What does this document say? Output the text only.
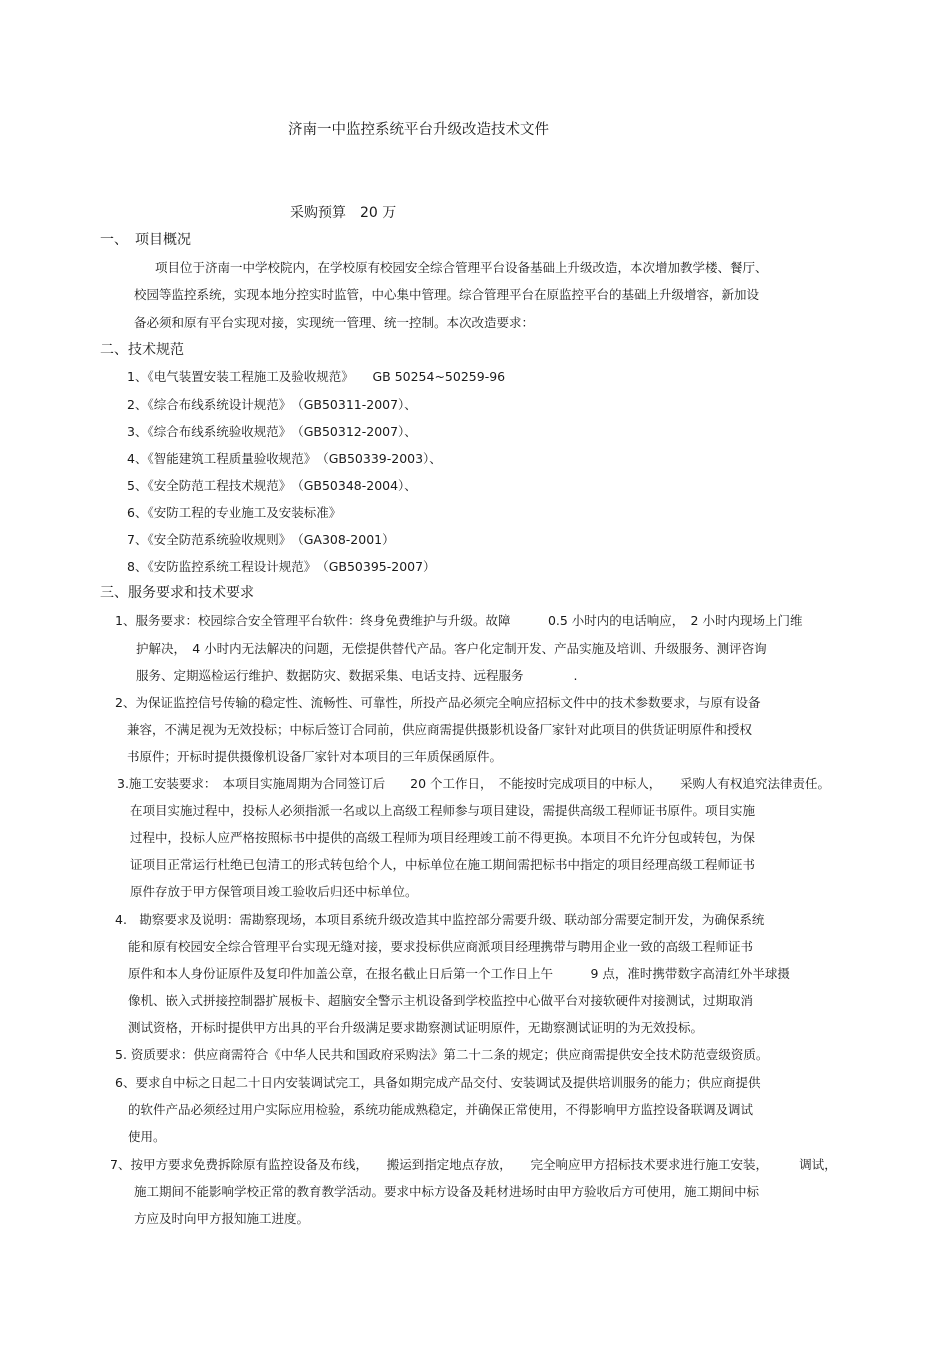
济南一中监控系统平台升级改造技术文件

采购预算　20 万

一、　项目概况

项目位于济南一中学校院内，在学校原有校园安全综合管理平台设备基础上升级改造，本次增加教学楼、餐厅、

校园等监控系统，实现本地分控实时监管，中心集中管理。综合管理平台在原监控平台的基础上升级增容，新加设

备必须和原有平台实现对接，实现统一管理、统一控制。本次改造要求：

二、技术规范

1、《电气装置安装工程施工及验收规范》　　GB 50254~50259-96

2、《综合布线系统设计规范》　（GB50311-2007）、

3、《综合布线系统验收规范》　（GB50312-2007）、

4、《智能建筑工程质量验收规范》　（GB50339-2003）、

5、《安全防范工程技术规范》　（GB50348-2004）、

6、《安防工程的专业施工及安装标准》

7、《安全防范系统验收规则》　（GA308-2001）

8、《安防监控系统工程设计规范》　（GB50395-2007）

三、服务要求和技术要求

1、服务要求：校园综合安全管理平台软件：终身免费维护与升级。故障　　　0.5 小时内的电话响应，　2 小时内现场上门维

护解决，　4 小时内无法解决的问题，无偿提供替代产品。客户化定制开发、产品实施及培训、升级服务、测评咨询

服务、定期巡检运行维护、数据防灾、数据采集、电话支持、远程服务　　　　.

2、为保证监控信号传输的稳定性、流畅性、可靠性，所投产品必须完全响应招标文件中的技术参数要求，与原有设备

兼容，不满足视为无效投标；中标后签订合同前，供应商需提供摄影机设备厂家针对此项目的供货证明原件和授权

书原件；开标时提供摄像机设备厂家针对本项目的三年质保函原件。

3.施工安装要求：　本项目实施周期为合同签订后　　20 个工作日，　不能按时完成项目的中标人，　　采购人有权追究法律责任。

在项目实施过程中，投标人必须指派一名或以上高级工程师参与项目建设，需提供高级工程师证书原件。项目实施

过程中，投标人应严格按照标书中提供的高级工程师为项目经理竣工前不得更换。本项目不允许分包或转包，为保

证项目正常运行杜绝已包清工的形式转包给个人，中标单位在施工期间需把标书中指定的项目经理高级工程师证书

原件存放于甲方保管项目竣工验收后归还中标单位。

4.　勘察要求及说明：需勘察现场，本项目系统升级改造其中监控部分需要升级、联动部分需要定制开发，为确保系统

能和原有校园安全综合管理平台实现无缝对接，要求投标供应商派项目经理携带与聘用企业一致的高级工程师证书

原件和本人身份证原件及复印件加盖公章，在报名截止日后第一个工作日上午　　　9 点，准时携带数字高清红外半球摄

像机、嵌入式拼接控制器扩展板卡、超脑安全警示主机设备到学校监控中心做平台对接软硬件对接测试，过期取消

测试资格，开标时提供甲方出具的平台升级满足要求勘察测试证明原件，无勘察测试证明的为无效投标。

5. 资质要求：供应商需符合《中华人民共和国政府采购法》第二十二条的规定；供应商需提供安全技术防范壹级资质。

6、要求自中标之日起二十日内安装调试完工，具备如期完成产品交付、安装调试及提供培训服务的能力；供应商提供

的软件产品必须经过用户实际应用检验，系统功能成熟稳定，并确保正常使用，不得影响甲方监控设备联调及调试

使用。

7、按甲方要求免费拆除原有监控设备及布线，　　搬运到指定地点存放，　　完全响应甲方招标技术要求进行施工安装，　　　调试，

施工期间不能影响学校正常的教育教学活动。要求中标方设备及耗材进场时由甲方验收后方可使用，施工期间中标

方应及时向甲方报知施工进度。
